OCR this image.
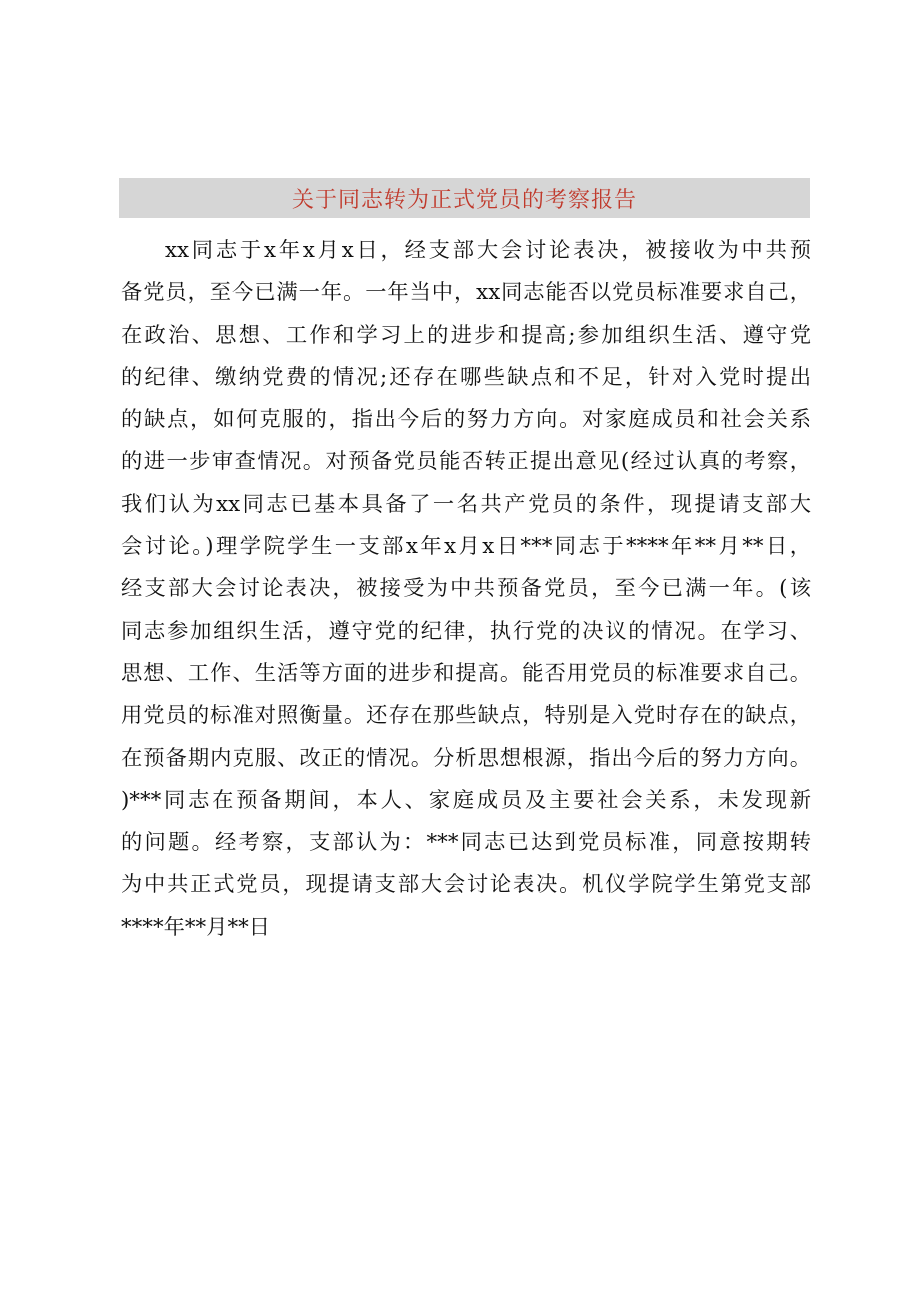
关于同志转为正式党员的考察报告
xx同志于x年x月x日，经支部大会讨论表决，被接收为中共预
备党员，至今已满一年。一年当中，xx同志能否以党员标准要求自己，
在政治、思想、工作和学习上的进步和提高;参加组织生活、遵守党
的纪律、缴纳党费的情况;还存在哪些缺点和不足，针对入党时提出
的缺点，如何克服的，指出今后的努力方向。对家庭成员和社会关系
的进一步审查情况。对预备党员能否转正提出意见(经过认真的考察，
我们认为xx同志已基本具备了一名共产党员的条件，现提请支部大
会讨论。)理学院学生一支部x年x月x日***同志于****年**月**日，
经支部大会讨论表决，被接受为中共预备党员，至今已满一年。(该
同志参加组织生活，遵守党的纪律，执行党的决议的情况。在学习、
思想、工作、生活等方面的进步和提高。能否用党员的标准要求自己。
用党员的标准对照衡量。还存在那些缺点，特别是入党时存在的缺点，
在预备期内克服、改正的情况。分析思想根源，指出今后的努力方向。
)***同志在预备期间，本人、家庭成员及主要社会关系，未发现新
的问题。经考察，支部认为：***同志已达到党员标准，同意按期转
为中共正式党员，现提请支部大会讨论表决。机仪学院学生第党支部
****年**月**日
